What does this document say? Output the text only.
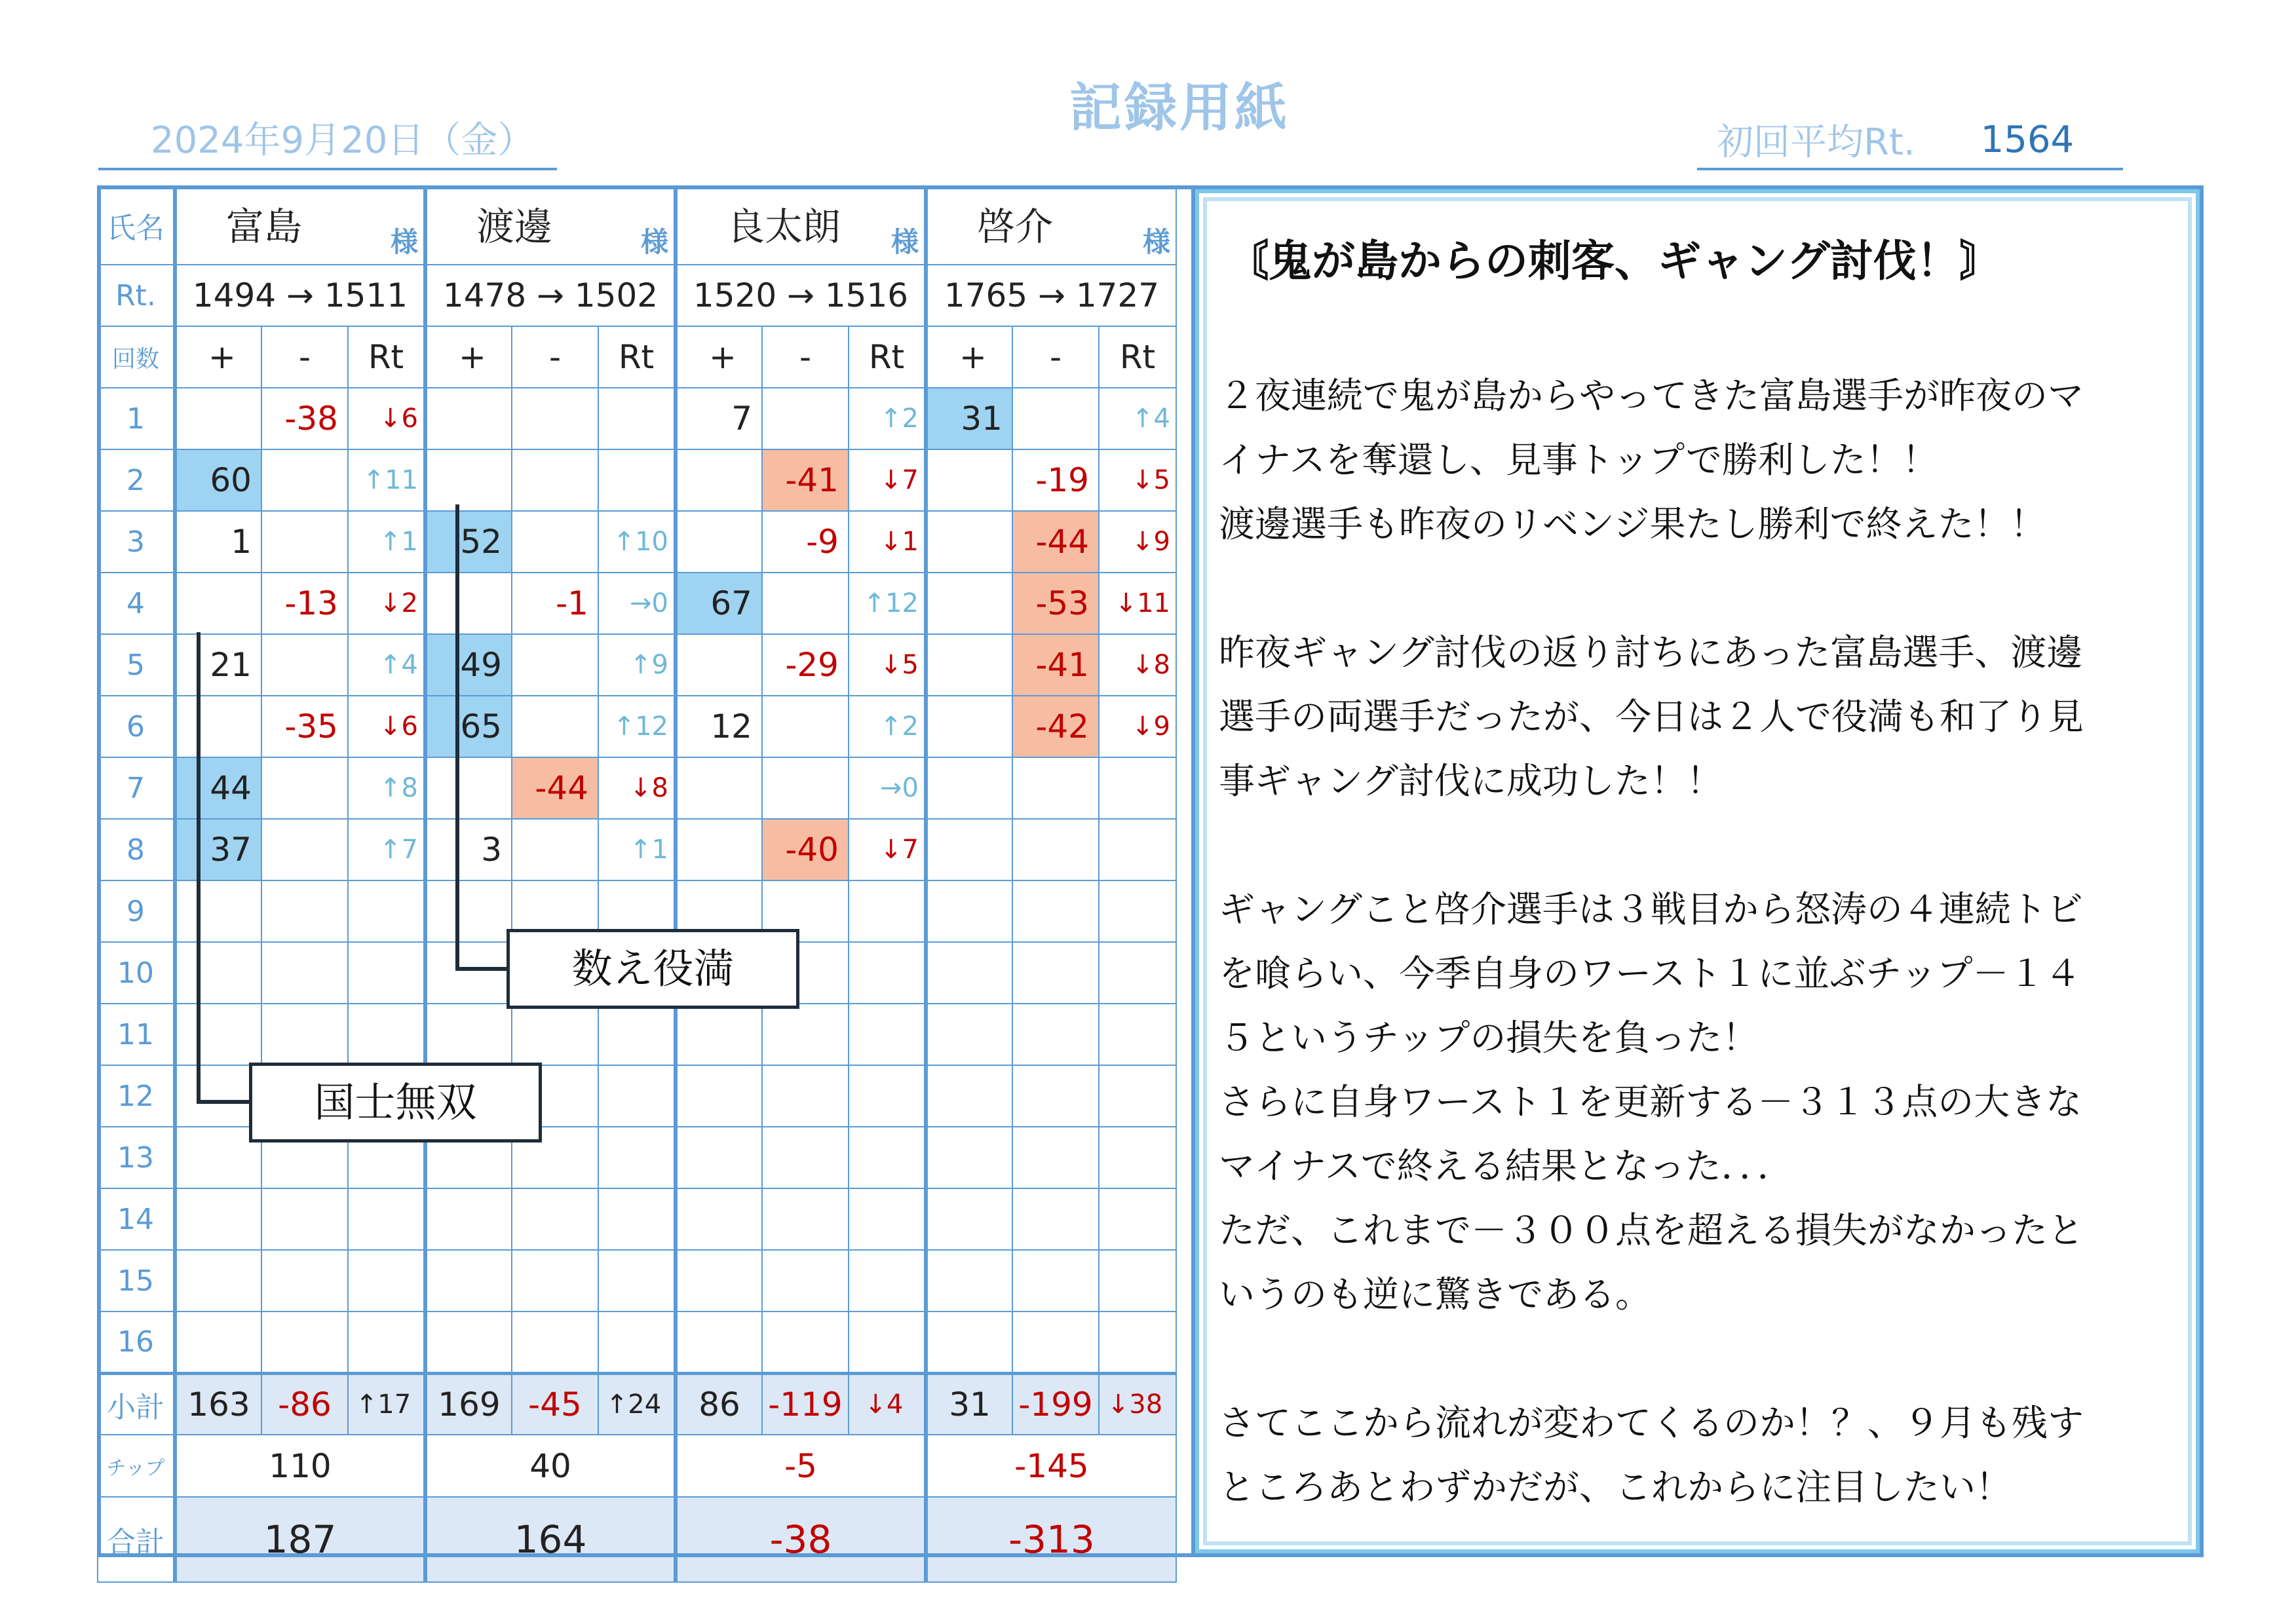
記録用紙
2024年9月20日（金）	初回平均Rt. 1564
氏名	富島 様			渡邊 様			良太朗 様			啓介 様		

Rt.	1494 → 1511			1478 → 1502			1520 → 1516			1765 → 1727		
回数	+	-	Rt	+	-	Rt	+	-	Rt	+	-	Rt
1		-38	↓6				7		↑2	31		↑4
2	60		↑11					-41	↓7		-19	↓5
3	1		↑1	52		↑10		-9	↓1		-44	↓9
4		-13	↓2		-1	→0	67		↑12		-53	↓11
5	21		↑4	49		↑9		-29	↓5		-41	↓8
6		-35	↓6	65		↑12	12		↑2		-42	↓9
7	44		↑8		-44	↓8			→0			
8	37		↑7	3		↑1		-40	↓7			
9												
10												
11												
12												
13												
14												
15												
16												
小計	163	-86	↑17	169	-45	↑24	86	-119	↓4	31	-199	↓38
チップ	110			40			-5			-145		
合計	187			164			-38			-313		
数え役満
国士無双
〘鬼が島からの刺客、ギャング討伐！〙
２夜連続で鬼が島からやってきた富島選手が昨夜のマ
イナスを奪還し、見事トップで勝利した！！
渡邊選手も昨夜のリベンジ果たし勝利で終えた！！

昨夜ギャング討伐の返り討ちにあった富島選手、渡邊
選手の両選手だったが、今日は２人で役満も和了り見
事ギャング討伐に成功した！！

ギャングこと啓介選手は３戦目から怒涛の４連続トビ
を喰らい、今季自身のワースト１に並ぶチップ－１４
５というチップの損失を負った！
さらに自身ワースト１を更新する－３１３点の大きな
マイナスで終える結果となった．．．
ただ、これまで－３００点を超える損失がなかったと
いうのも逆に驚きである。

さてここから流れが変わてくるのか！？、９月も残す
ところあとわずかだが、これからに注目したい！
